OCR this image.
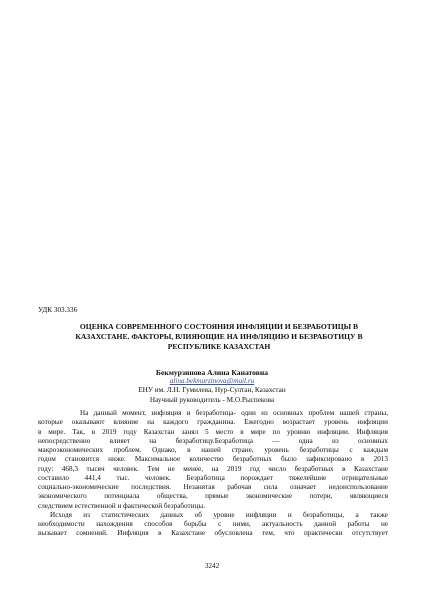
УДК 303.336
ОЦЕНКА СОВРЕМЕННОГО СОСТОЯНИЯ ИНФЛЯЦИИ И БЕЗРАБОТИЦЫ В
КАЗАХСТАНЕ. ФАКТОРЫ, ВЛИЯЮЩИЕ НА ИНФЛЯЦИЮ И БЕЗРАБОТИЦУ В
РЕСПУБЛИКЕ КАЗАХСТАН
Бекмурзинова Алина Канатовна
alina.bekmurzinova@mail.ru
ЕНУ им. Л.Н. Гумилева, Нур-Султан, Казахстан
Научный руководитель - М.О.Рыспекова
На данный момент, инфляция и безработица- одни из основных проблем нашей страны,
которые оказывают влияние на каждого гражданина. Ежегодно возрастает уровень инфляции
в мире. Так, в 2019 году Казахстан занял 5 место в мире по уровню инфляции. Инфляция
непосредственно влияет на безработицу.Безработица — одна из основных
макроэкономических проблем. Однако, в нашей стране, уровень безработицы с каждым
годом становится ниже. Максимальное количество безработных было зафиксировано в 2013
году: 468,3 тысяч человек. Тем не менее, на 2019 год число безработных в Казахстане
составило 441,4 тыс. человек. Безработица порождает тяжелейшие отрицательные
социально-экономические последствия. Незанятая рабочая сила означает недоиспользование
экономического потенциала общества, прямые экономические потери, являющиеся
следствием естественной и фактической безработицы.
Исходя из статистических данных об уровне инфляции и безработицы, а также
необходимости нахождения способов борьбы с ними, актуальность данной работы не
вызывает сомнений. Инфляция в Казахстане обусловлена тем, что практически отсутствует
3242
